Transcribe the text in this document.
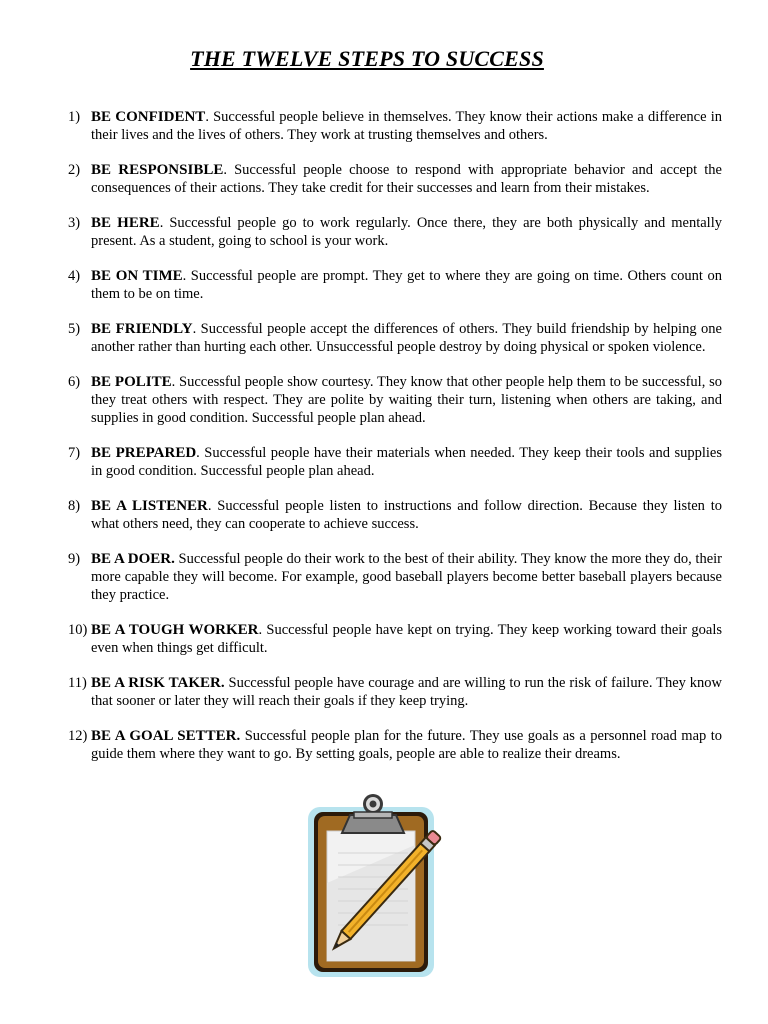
THE TWELVE STEPS TO SUCCESS
1) BE CONFIDENT. Successful people believe in themselves. They know their actions make a difference in their lives and the lives of others. They work at trusting themselves and others.
2) BE RESPONSIBLE. Successful people choose to respond with appropriate behavior and accept the consequences of their actions. They take credit for their successes and learn from their mistakes.
3) BE HERE. Successful people go to work regularly. Once there, they are both physically and mentally present. As a student, going to school is your work.
4) BE ON TIME. Successful people are prompt. They get to where they are going on time. Others count on them to be on time.
5) BE FRIENDLY. Successful people accept the differences of others. They build friendship by helping one another rather than hurting each other. Unsuccessful people destroy by doing physical or spoken violence.
6) BE POLITE. Successful people show courtesy. They know that other people help them to be successful, so they treat others with respect. They are polite by waiting their turn, listening when others are taking, and supplies in good condition. Successful people plan ahead.
7) BE PREPARED. Successful people have their materials when needed. They keep their tools and supplies in good condition. Successful people plan ahead.
8) BE A LISTENER. Successful people listen to instructions and follow direction. Because they listen to what others need, they can cooperate to achieve success.
9) BE A DOER. Successful people do their work to the best of their ability. They know the more they do, their more capable they will become. For example, good baseball players become better baseball players because they practice.
10) BE A TOUGH WORKER. Successful people have kept on trying. They keep working toward their goals even when things get difficult.
11) BE A RISK TAKER. Successful people have courage and are willing to run the risk of failure. They know that sooner or later they will reach their goals if they keep trying.
12) BE A GOAL SETTER. Successful people plan for the future. They use goals as a personnel road map to guide them where they want to go. By setting goals, people are able to realize their dreams.
